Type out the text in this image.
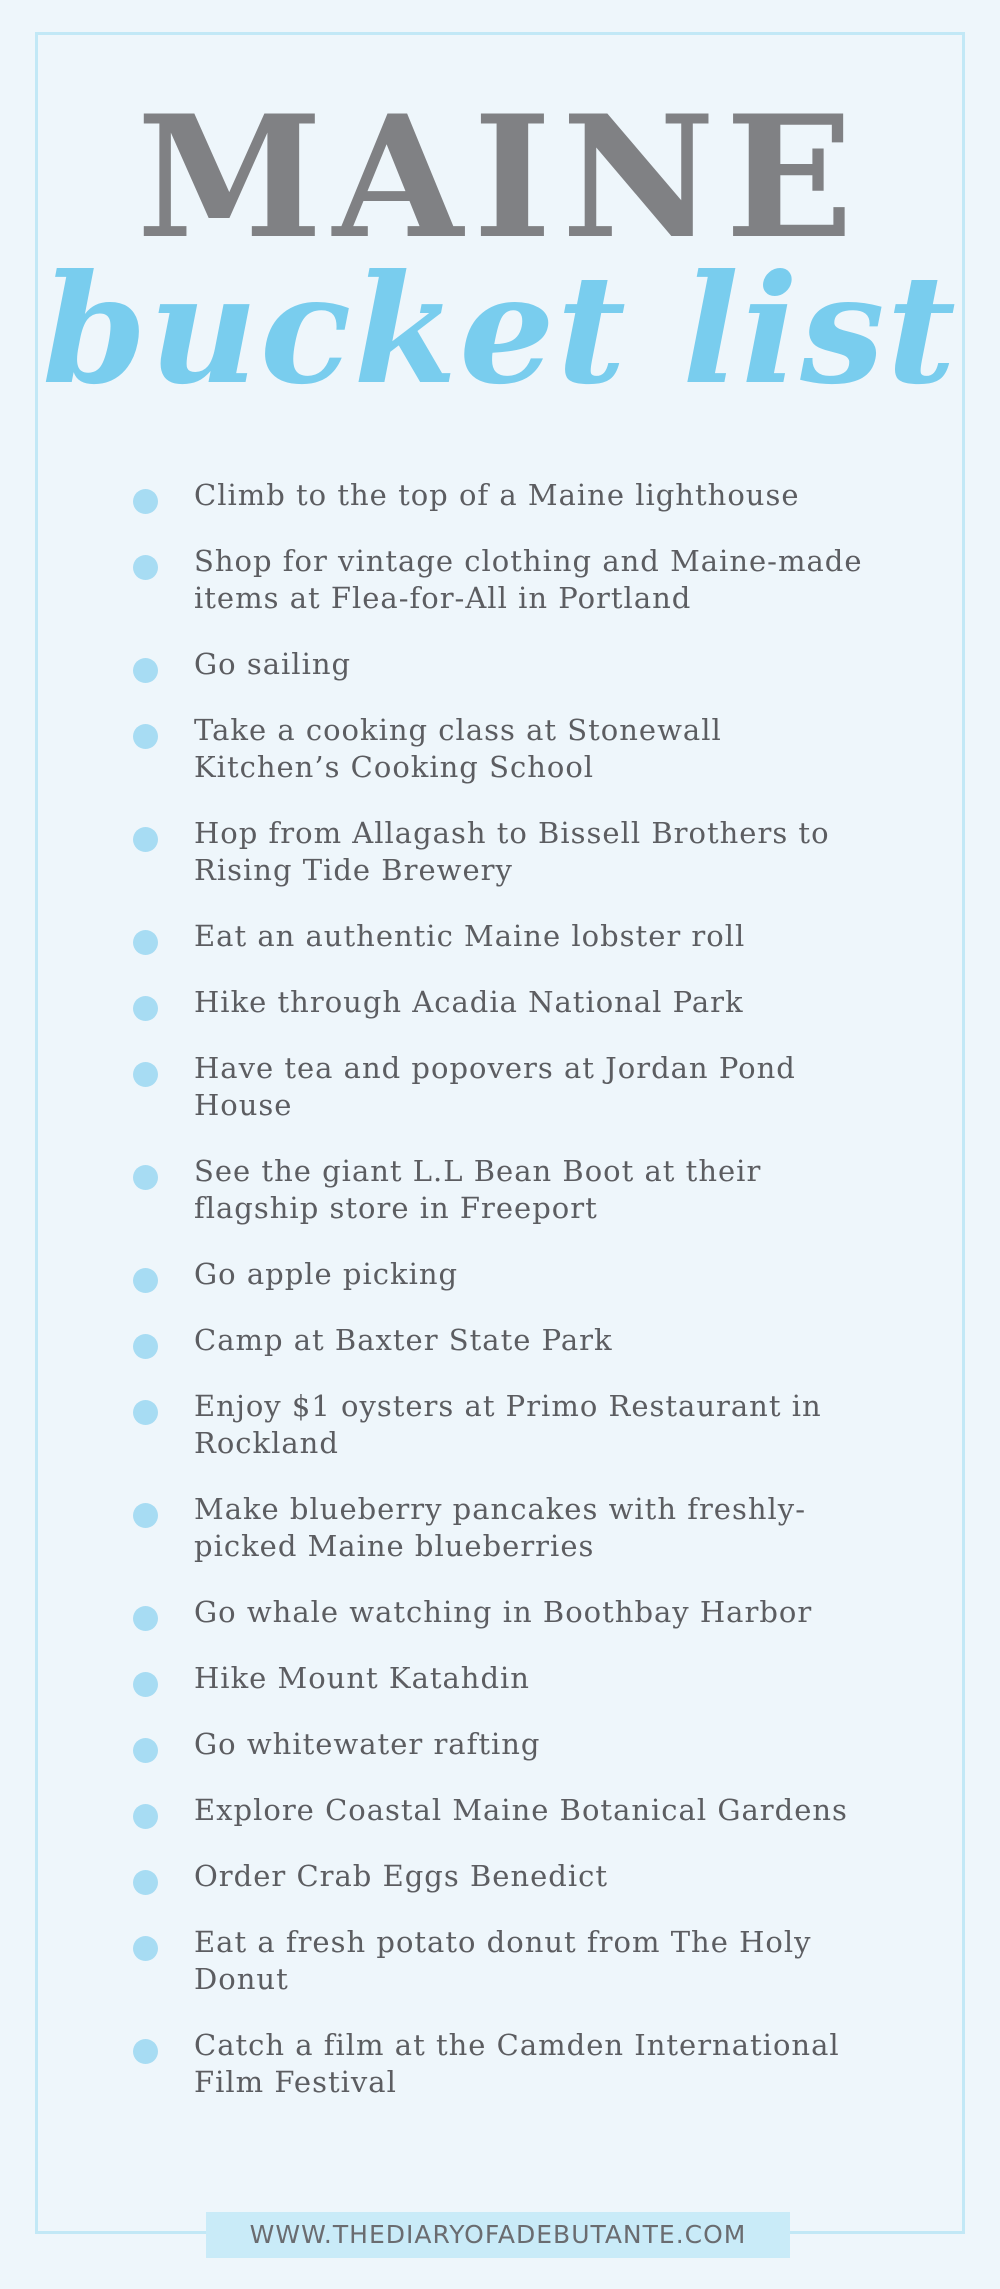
MAINE
bucket list
Climb to the top of a Maine lighthouse
Shop for vintage clothing and Maine-made items at Flea-for-All in Portland
Go sailing
Take a cooking class at Stonewall Kitchen’s Cooking School
Hop from Allagash to Bissell Brothers to Rising Tide Brewery
Eat an authentic Maine lobster roll
Hike through Acadia National Park
Have tea and popovers at Jordan Pond House
See the giant L.L Bean Boot at their flagship store in Freeport
Go apple picking
Camp at Baxter State Park
Enjoy $1 oysters at Primo Restaurant in Rockland
Make blueberry pancakes with freshly-picked Maine blueberries
Go whale watching in Boothbay Harbor
Hike Mount Katahdin
Go whitewater rafting
Explore Coastal Maine Botanical Gardens
Order Crab Eggs Benedict
Eat a fresh potato donut from The Holy Donut
Catch a film at the Camden International Film Festival
WWW.THEDIARYOFADEBUTANTE.COM
